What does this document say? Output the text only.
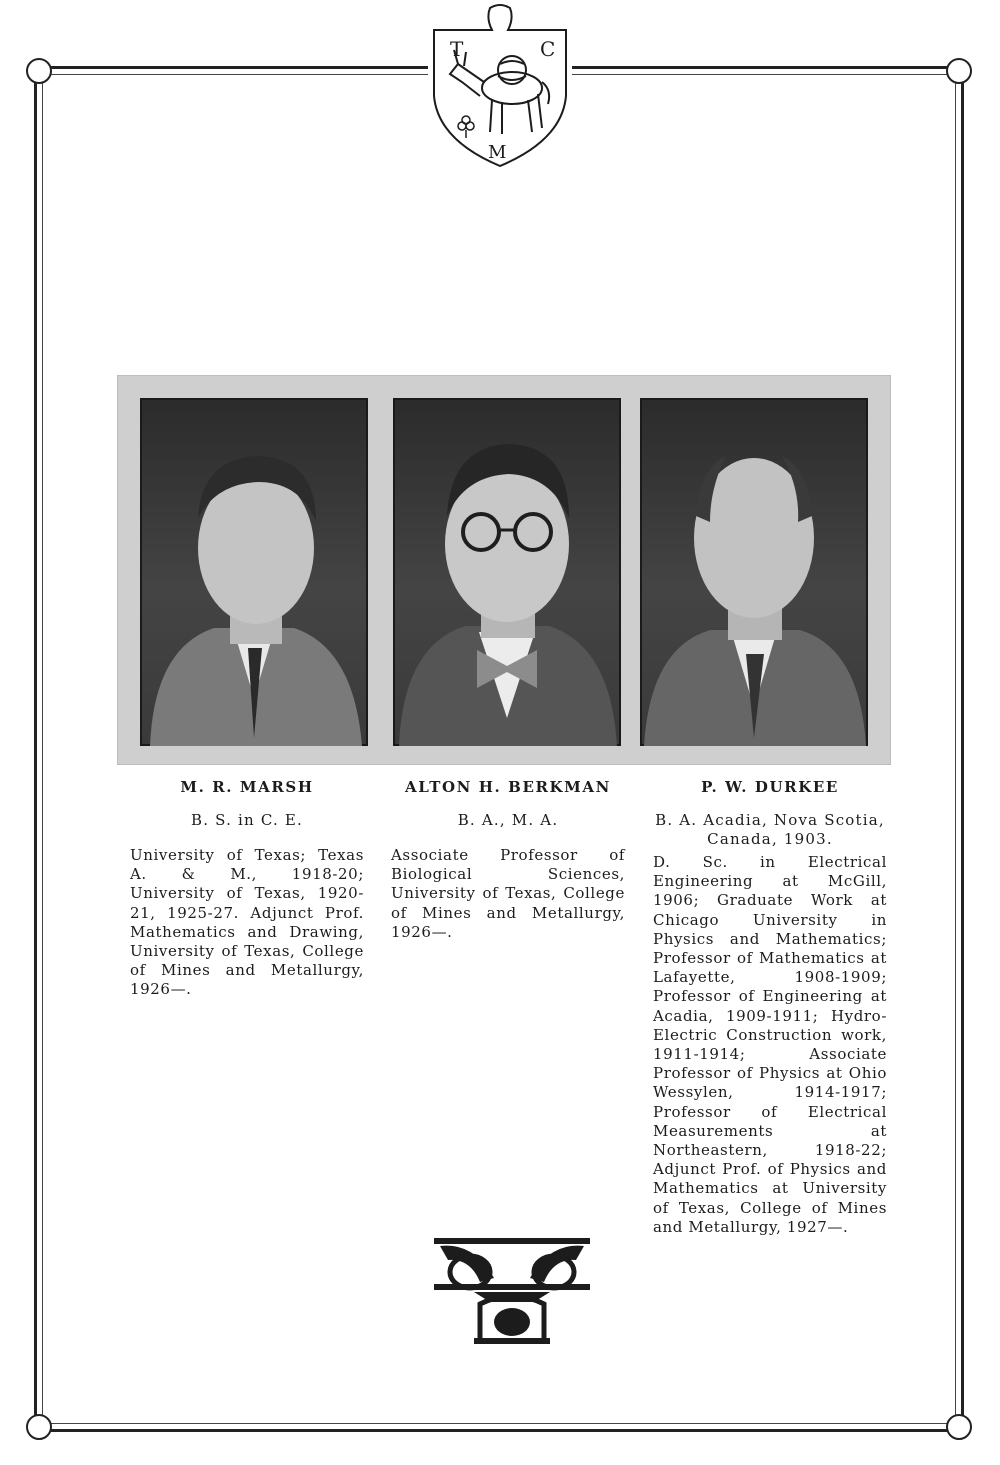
T	C
M
M. R. MARSH
B. S. in C. E.

University of Texas; Texas A. & M., 1918-20; University of Texas, 1920-21, 1925-27. Adjunct Prof. Mathematics and Drawing, University of Texas, College of Mines and Metallurgy, 1926—.

ALTON H. BERKMAN
B. A., M. A.

Associate Professor of Biological Sciences, University of Texas, College of Mines and Metallurgy, 1926—.

P. W. DURKEE
B. A. Acadia, Nova Scotia, Canada, 1903.

D. Sc. in Electrical Engineering at McGill, 1906; Graduate Work at Chicago University in Physics and Mathematics; Professor of Mathematics at Lafayette, 1908-1909; Professor of Engineering at Acadia, 1909-1911; Hydro-Electric Construction work, 1911-1914; Associate Professor of Physics at Ohio Wessylen, 1914-1917; Professor of Electrical Measurements at Northeastern, 1918-22; Adjunct Prof. of Physics and Mathematics at University of Texas, College of Mines and Metallurgy, 1927—.
